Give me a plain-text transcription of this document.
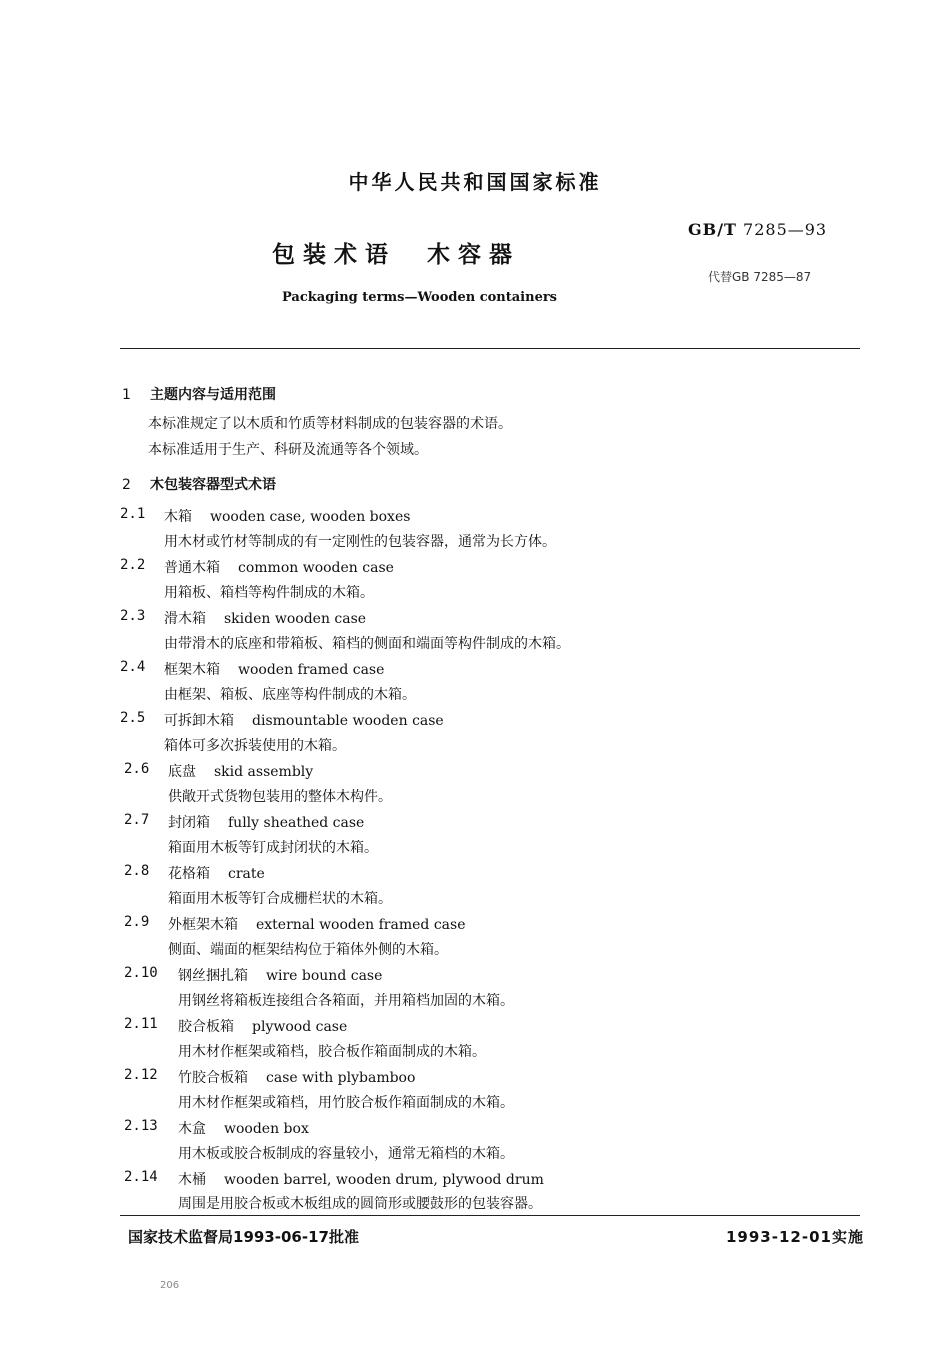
中华人民共和国国家标准
GB/T 7285—93
包装术语　木容器
代替GB 7285—87
Packaging terms—Wooden containers
1 主题内容与适用范围
本标准规定了以木质和竹质等材料制成的包装容器的术语。
本标准适用于生产、科研及流通等各个领域。
2 木包装容器型式术语
2.1 木箱 wooden case, wooden boxes
用木材或竹材等制成的有一定刚性的包装容器，通常为长方体。
2.2 普通木箱 common wooden case
用箱板、箱档等构件制成的木箱。
2.3 滑木箱 skiden wooden case
由带滑木的底座和带箱板、箱档的侧面和端面等构件制成的木箱。
2.4 框架木箱 wooden framed case
由框架、箱板、底座等构件制成的木箱。
2.5 可拆卸木箱 dismountable wooden case
箱体可多次拆装使用的木箱。
2.6 底盘 skid assembly
供敞开式货物包装用的整体木构件。
2.7 封闭箱 fully sheathed case
箱面用木板等钉成封闭状的木箱。
2.8 花格箱 crate
箱面用木板等钉合成栅栏状的木箱。
2.9 外框架木箱 external wooden framed case
侧面、端面的框架结构位于箱体外侧的木箱。
2.10 钢丝捆扎箱 wire bound case
用钢丝将箱板连接组合各箱面，并用箱档加固的木箱。
2.11 胶合板箱 plywood case
用木材作框架或箱档，胶合板作箱面制成的木箱。
2.12 竹胶合板箱 case with plybamboo
用木材作框架或箱档，用竹胶合板作箱面制成的木箱。
2.13 木盒 wooden box
用木板或胶合板制成的容量较小，通常无箱档的木箱。
2.14 木桶 wooden barrel, wooden drum, plywood drum
周围是用胶合板或木板组成的圆筒形或腰鼓形的包装容器。
国家技术监督局1993-06-17批准	1993-12-01实施
206
